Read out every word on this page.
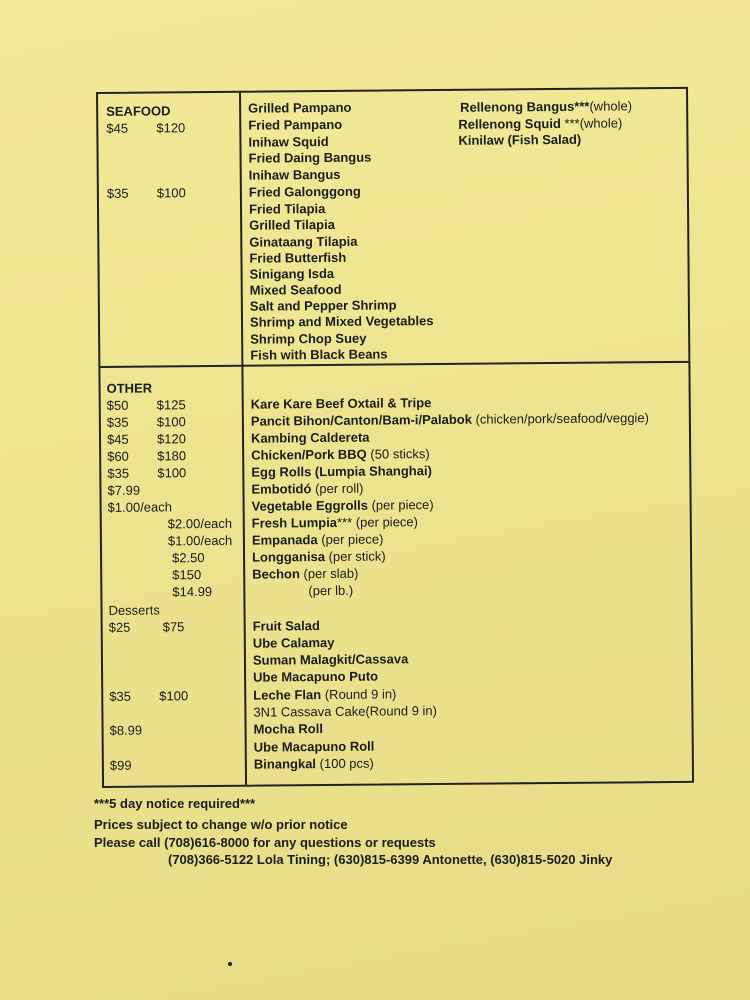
SEAFOOD
$45 $120
$35 $100
Grilled Pampano
Fried Pampano
Inihaw Squid
Fried Daing Bangus
Inihaw Bangus
Fried Galonggong
Fried Tilapia
Grilled Tilapia
Ginataang Tilapia
Fried Butterfish
Sinigang Isda
Mixed Seafood
Salt and Pepper Shrimp
Shrimp and Mixed Vegetables
Shrimp Chop Suey
Fish with Black Beans
Rellenong Bangus***(whole)
Rellenong Squid ***(whole)
Kinilaw (Fish Salad)
OTHER
$50 $125
$35 $100
$45 $120
$60 $180
$35 $100
$7.99
$1.00/each
$2.00/each
$1.00/each
$2.50
$150
$14.99
Kare Kare Beef Oxtail & Tripe
Pancit Bihon/Canton/Bam-i/Palabok (chicken/pork/seafood/veggie)
Kambing Caldereta
Chicken/Pork BBQ (50 sticks)
Egg Rolls (Lumpia Shanghai)
Embotidó (per roll)
Vegetable Eggrolls (per piece)
Fresh Lumpia*** (per piece)
Empanada (per piece)
Longganisa (per stick)
Bechon (per slab)
(per lb.)
Desserts
$25 $75
$35 $100
$8.99
$99
Fruit Salad
Ube Calamay
Suman Malagkit/Cassava
Ube Macapuno Puto
Leche Flan (Round 9 in)
3N1 Cassava Cake(Round 9 in)
Mocha Roll
Ube Macapuno Roll
Binangkal (100 pcs)
***5 day notice required***
Prices subject to change w/o prior notice
Please call (708)616-8000 for any questions or requests
(708)366-5122 Lola Tining; (630)815-6399 Antonette, (630)815-5020 Jinky
